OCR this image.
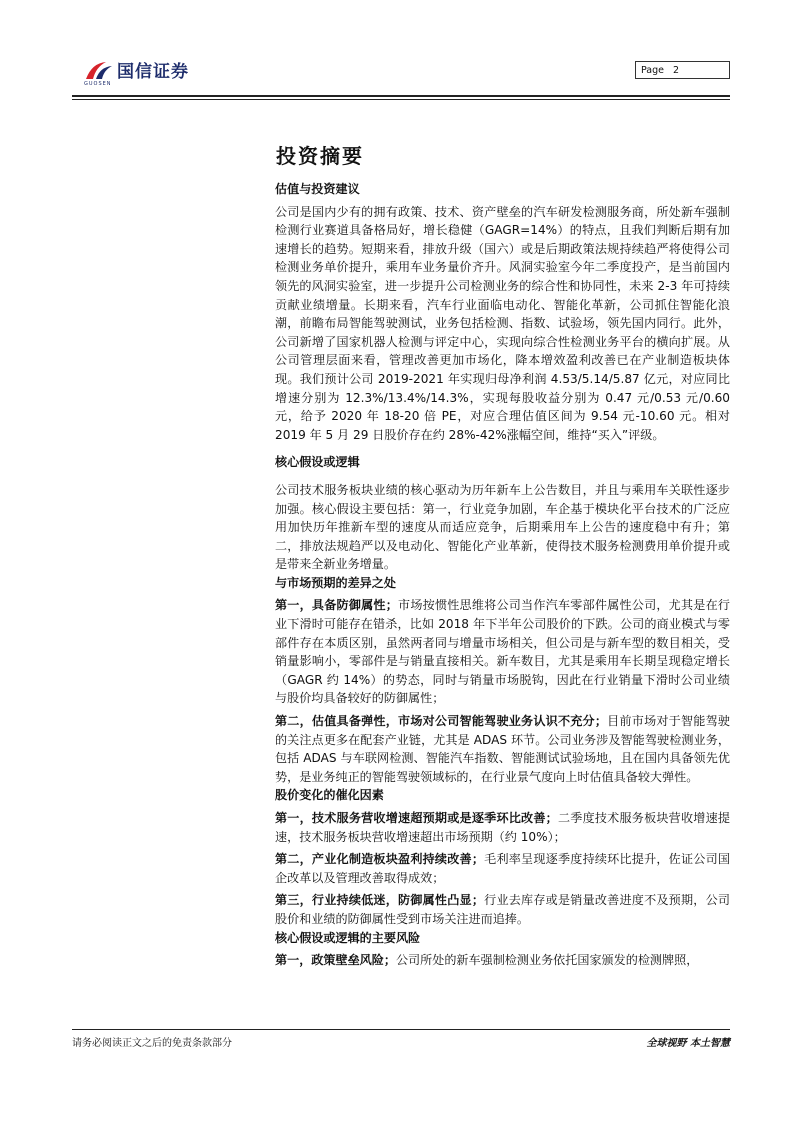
国信证券
GUOSEN
Page 2
投资摘要
估值与投资建议

公司是国内少有的拥有政策、技术、资产壁垒的汽车研发检测服务商，所处新车强制检测行业赛道具备格局好，增长稳健（GAGR=14%）的特点，且我们判断后期有加速增长的趋势。短期来看，排放升级（国六）或是后期政策法规持续趋严将使得公司检测业务单价提升，乘用车业务量价齐升。风洞实验室今年二季度投产，是当前国内领先的风洞实验室，进一步提升公司检测业务的综合性和协同性，未来 2-3 年可持续贡献业绩增量。长期来看，汽车行业面临电动化、智能化革新，公司抓住智能化浪潮，前瞻布局智能驾驶测试，业务包括检测、指数、试验场，领先国内同行。此外，公司新增了国家机器人检测与评定中心，实现向综合性检测业务平台的横向扩展。从公司管理层面来看，管理改善更加市场化，降本增效盈利改善已在产业制造板块体现。我们预计公司 2019-2021 年实现归母净利润 4.53/5.14/5.87 亿元，对应同比增速分别为 12.3%/13.4%/14.3%，实现每股收益分别为 0.47 元/0.53 元/0.60 元，给予 2020 年 18-20 倍 PE，对应合理估值区间为 9.54 元-10.60 元。相对 2019 年 5 月 29 日股价存在约 28%-42%涨幅空间，维持“买入”评级。

核心假设或逻辑

公司技术服务板块业绩的核心驱动为历年新车上公告数目，并且与乘用车关联性逐步加强。核心假设主要包括：第一，行业竞争加剧，车企基于模块化平台技术的广泛应用加快历年推新车型的速度从而适应竞争，后期乘用车上公告的速度稳中有升；第二，排放法规趋严以及电动化、智能化产业革新，使得技术服务检测费用单价提升或是带来全新业务增量。

与市场预期的差异之处

第一，具备防御属性；市场按惯性思维将公司当作汽车零部件属性公司，尤其是在行业下滑时可能存在错杀，比如 2018 年下半年公司股价的下跌。公司的商业模式与零部件存在本质区别，虽然两者同与增量市场相关，但公司是与新车型的数目相关，受销量影响小，零部件是与销量直接相关。新车数目，尤其是乘用车长期呈现稳定增长（GAGR 约 14%）的势态，同时与销量市场脱钩，因此在行业销量下滑时公司业绩与股价均具备较好的防御属性；

第二，估值具备弹性，市场对公司智能驾驶业务认识不充分；目前市场对于智能驾驶的关注点更多在配套产业链，尤其是 ADAS 环节。公司业务涉及智能驾驶检测业务，包括 ADAS 与车联网检测、智能汽车指数、智能测试试验场地，且在国内具备领先优势，是业务纯正的智能驾驶领域标的，在行业景气度向上时估值具备较大弹性。

股价变化的催化因素

第一，技术服务营收增速超预期或是逐季环比改善；二季度技术服务板块营收增速提速，技术服务板块营收增速超出市场预期（约 10%）；

第二，产业化制造板块盈利持续改善；毛利率呈现逐季度持续环比提升，佐证公司国企改革以及管理改善取得成效；

第三，行业持续低迷，防御属性凸显；行业去库存或是销量改善进度不及预期，公司股价和业绩的防御属性受到市场关注进而追捧。

核心假设或逻辑的主要风险

第一，政策壁垒风险；公司所处的新车强制检测业务依托国家颁发的检测牌照，

请务必阅读正文之后的免责条款部分	全球视野 本土智慧
